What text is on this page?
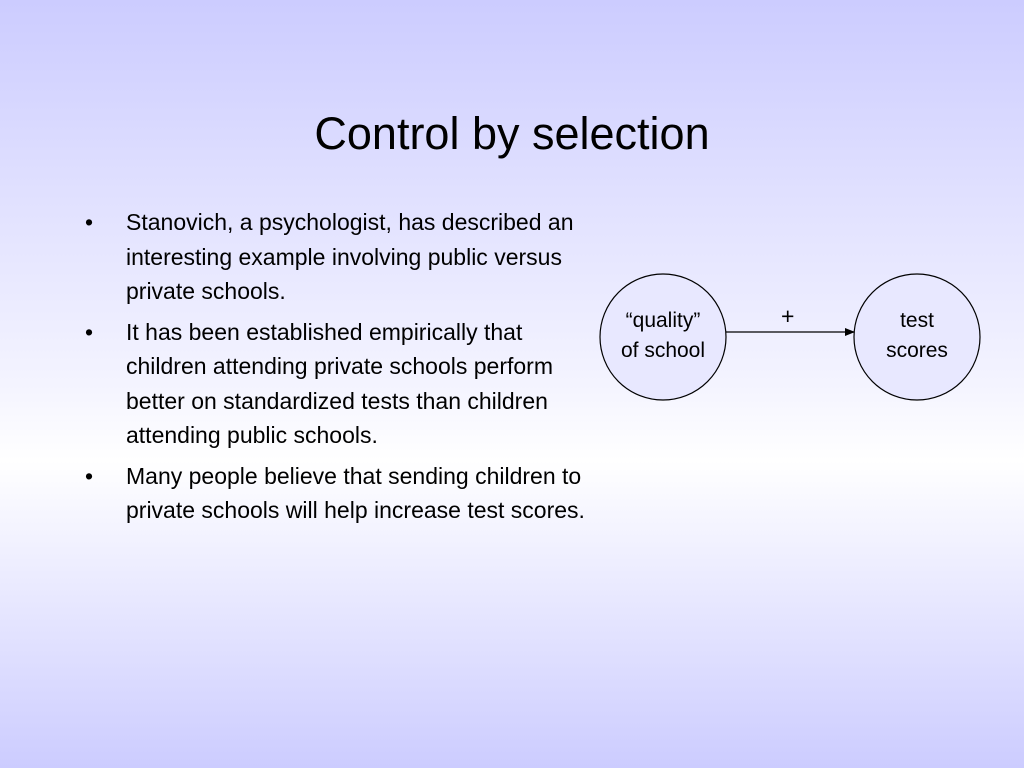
Control by selection
•	Stanovich, a psychologist, has described an interesting example involving public versus private schools.
•	It has been established empirically that children attending private schools perform better on standardized tests than children attending public schools.
•	Many people believe that sending children to private schools will help increase test scores.
“quality”
of school
test
scores
+
